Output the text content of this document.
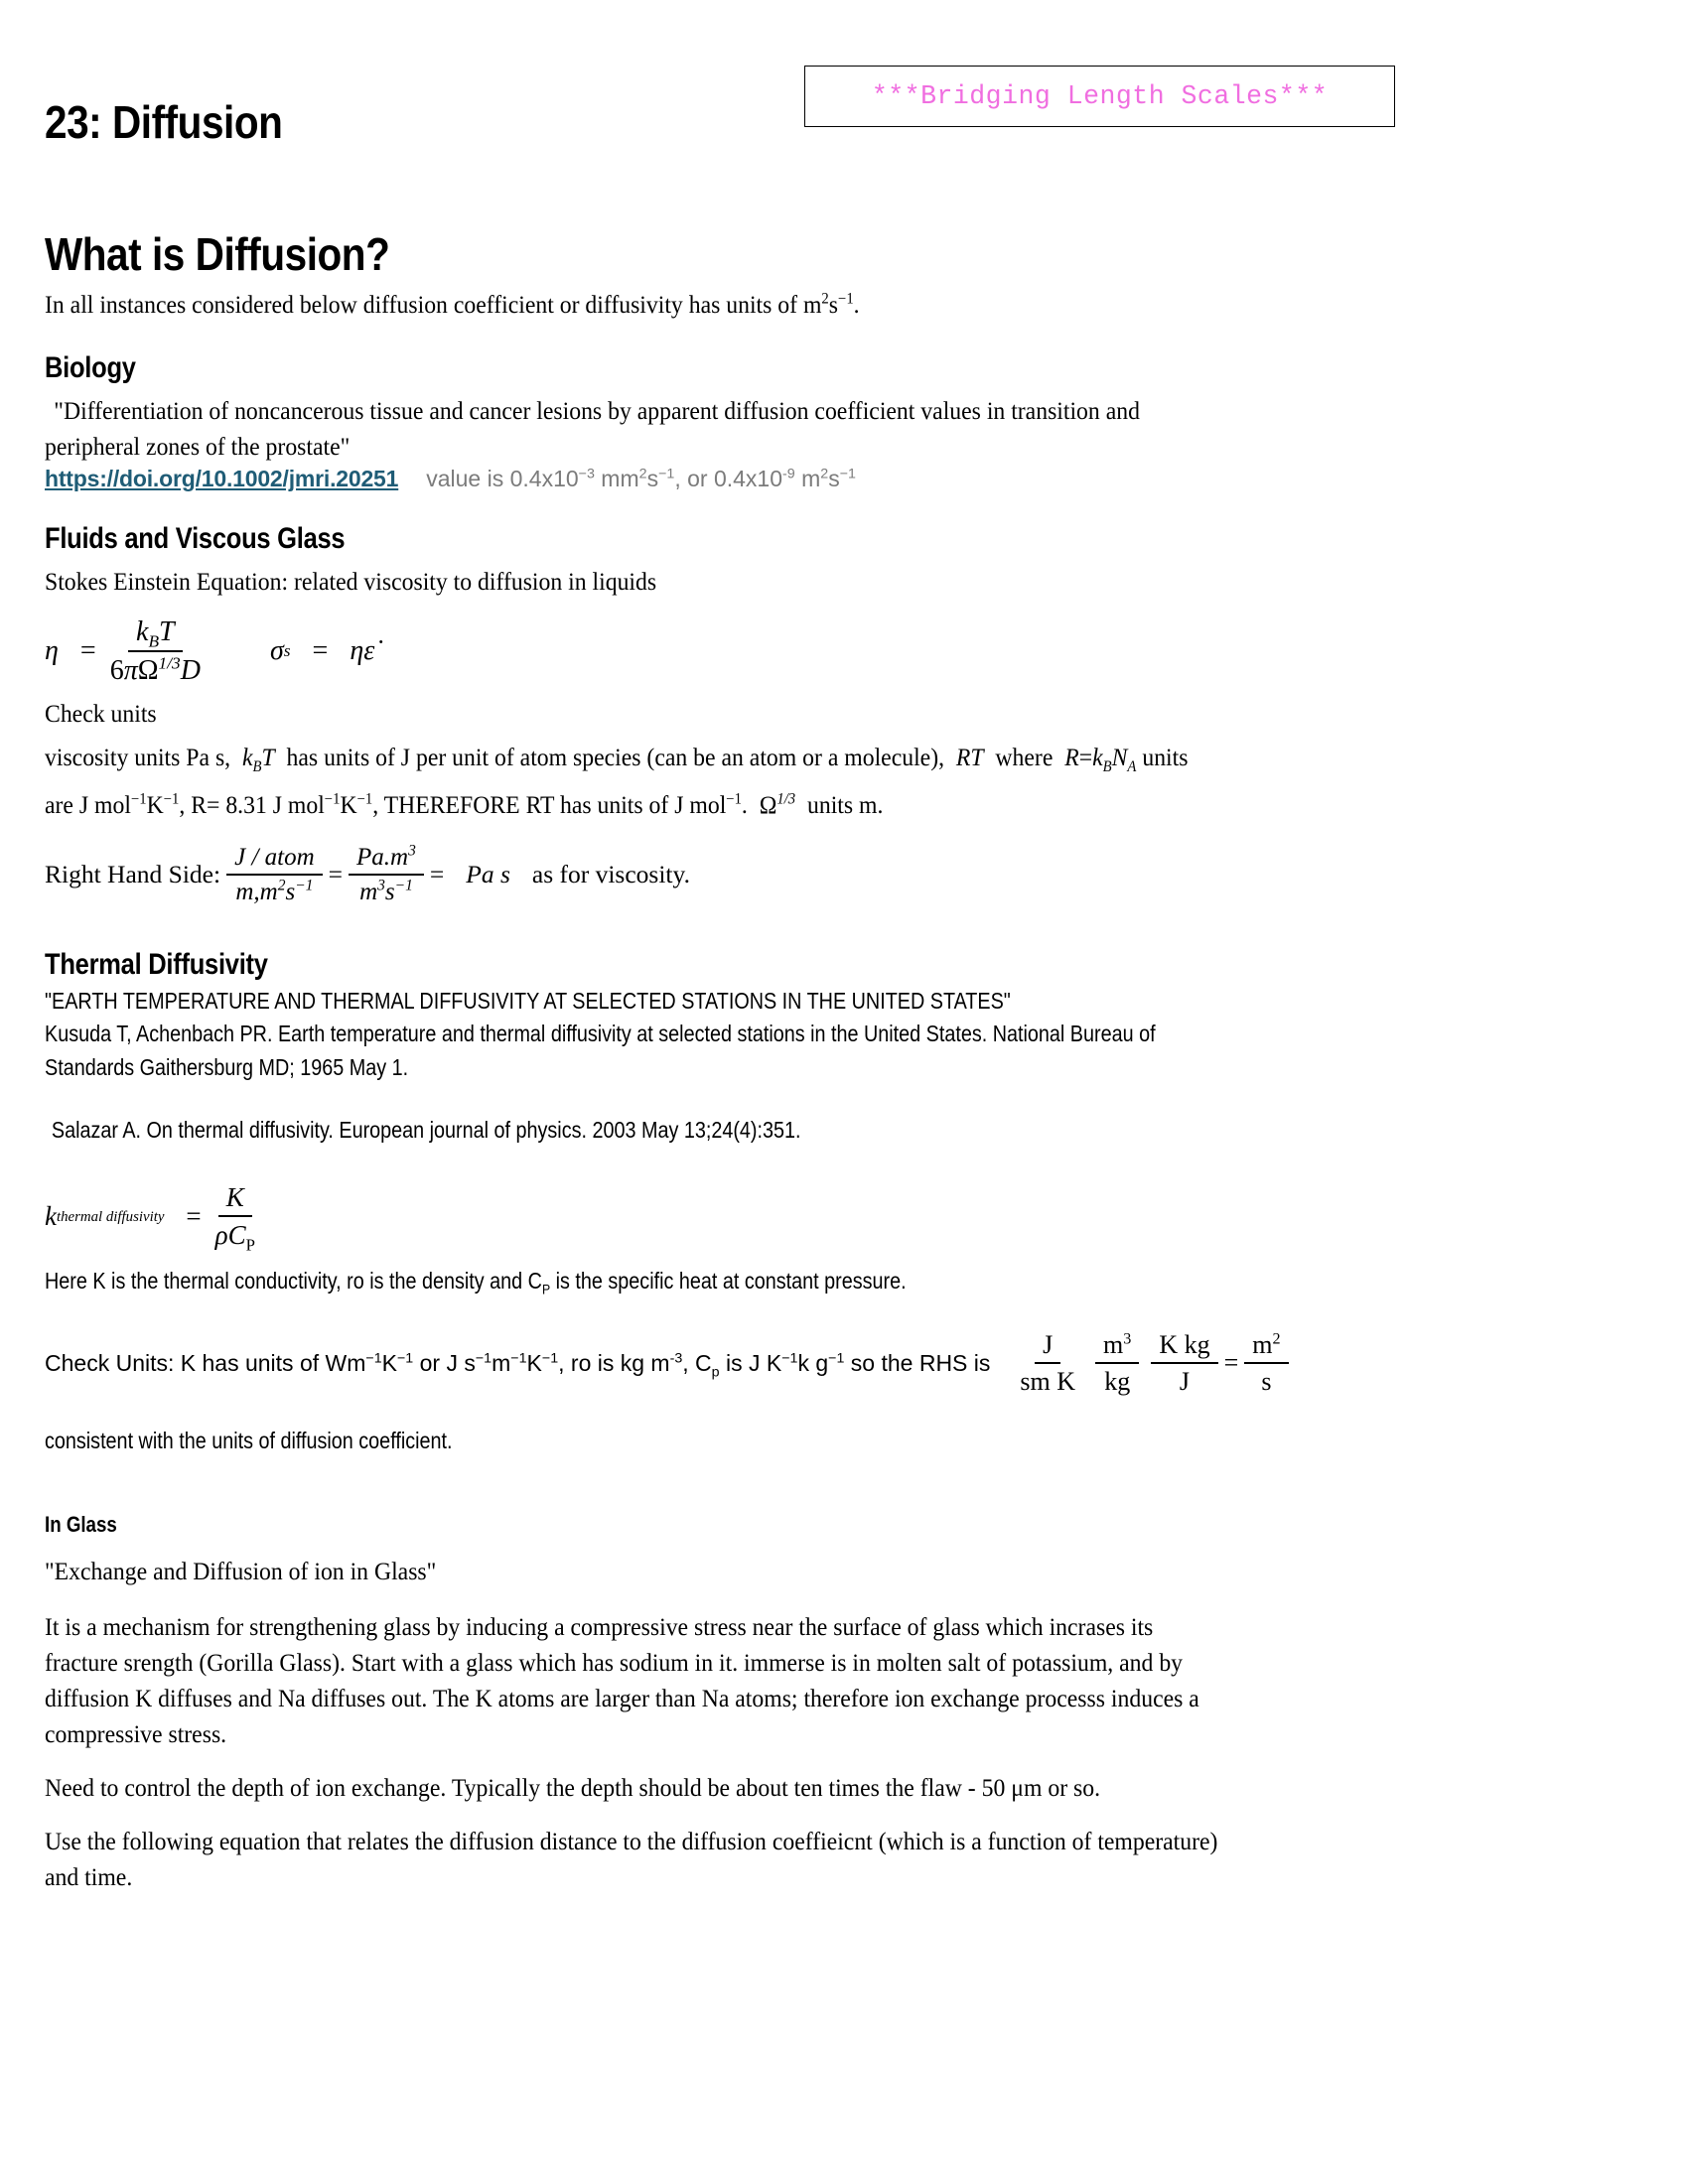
***Bridging Length Scales***
23: Diffusion
What is Diffusion?

In all instances considered below diffusion coefficient or diffusivity has units of $m^2s^{-1}$.

Biology

"Differentiation of noncancerous tissue and cancer lesions by apparent diffusion coefficient values in transition and

peripheral zones of the prostate"

https://doi.org/10.1002/jmri.20251 value is $0.4x10^{-3}$ $mm^2s^{-1}$, or $0.4x10^{-9}$ $m^2s^{-1}$

Fluids and Viscous Glass

Stokes Einstein Equation: related viscosity to diffusion in liquids

$\eta = \frac{k_BT}{6\pi\Omega^{1/3}D}$ σ s = η ε̇

Check units

viscosity units Pa s, $k_BT$ has units of J per unit of atom species (can be an atom or a molecule), RT where $R=k_BN_A$ units

are J $mol^{-1}K^{-1}$, R= 8.31 J $mol^{-1}K^{-1}$, THEREFORE RT has units of J mol$^{-1}$. $\Omega^{1/3}$ units m.

Right Hand Side: $\frac{\text{J / atom}}{m,m^2s^{-1}} = \frac{Pa.m^3}{m^3s^{-1}} = Pa$ s as for viscosity.
Thermal Diffusivity

"EARTH TEMPERATURE AND THERMAL DIFFUSIVITY AT SELECTED STATIONS IN THE UNITED STATES"

Kusuda T, Achenbach PR. Earth temperature and thermal diffusivity at selected stations in the United States. National Bureau of

Standards Gaithersburg MD; 1965 May 1.

Salazar A. On thermal diffusivity. European journal of physics. 2003 May 13;24(4):351.

k thermal diffusivity = $\frac{K}{\rho C_P}$

Here K is the thermal conductivity, ro is the density and $C_P$ is the specific heat at constant pressure.

Check Units: K has units of $Wm^{-1}K^{-1}$ or J $s^{-1}m^{-1}K^{-1}$, ro is kg $m^{-3}$, $C_p$ is J $K^{-1}k$ $g^{-1}$ so the RHS is $\frac{J}{\text{sm K}} \frac{m^3}{kg} \frac{\text{K kg}}{J} = \frac{m^2}{s}$

consistent with the units of diffusion coefficient.

In Glass

"Exchange and Diffusion of ion in Glass"

It is a mechanism for strengthening glass by inducing a compressive stress near the surface of glass which incrases its

fracture srength (Gorilla Glass). Start with a glass which has sodium in it. immerse is in molten salt of potassium, and by

diffusion K diffuses and Na diffuses out. The K atoms are larger than Na atoms; therefore ion exchange processs induces a

compressive stress.

Need to control the depth of ion exchange. Typically the depth should be about ten times the flaw - 50 μm or so.

Use the following equation that relates the diffusion distance to the diffusion coeffieicnt (which is a function of temperature)

and time.
